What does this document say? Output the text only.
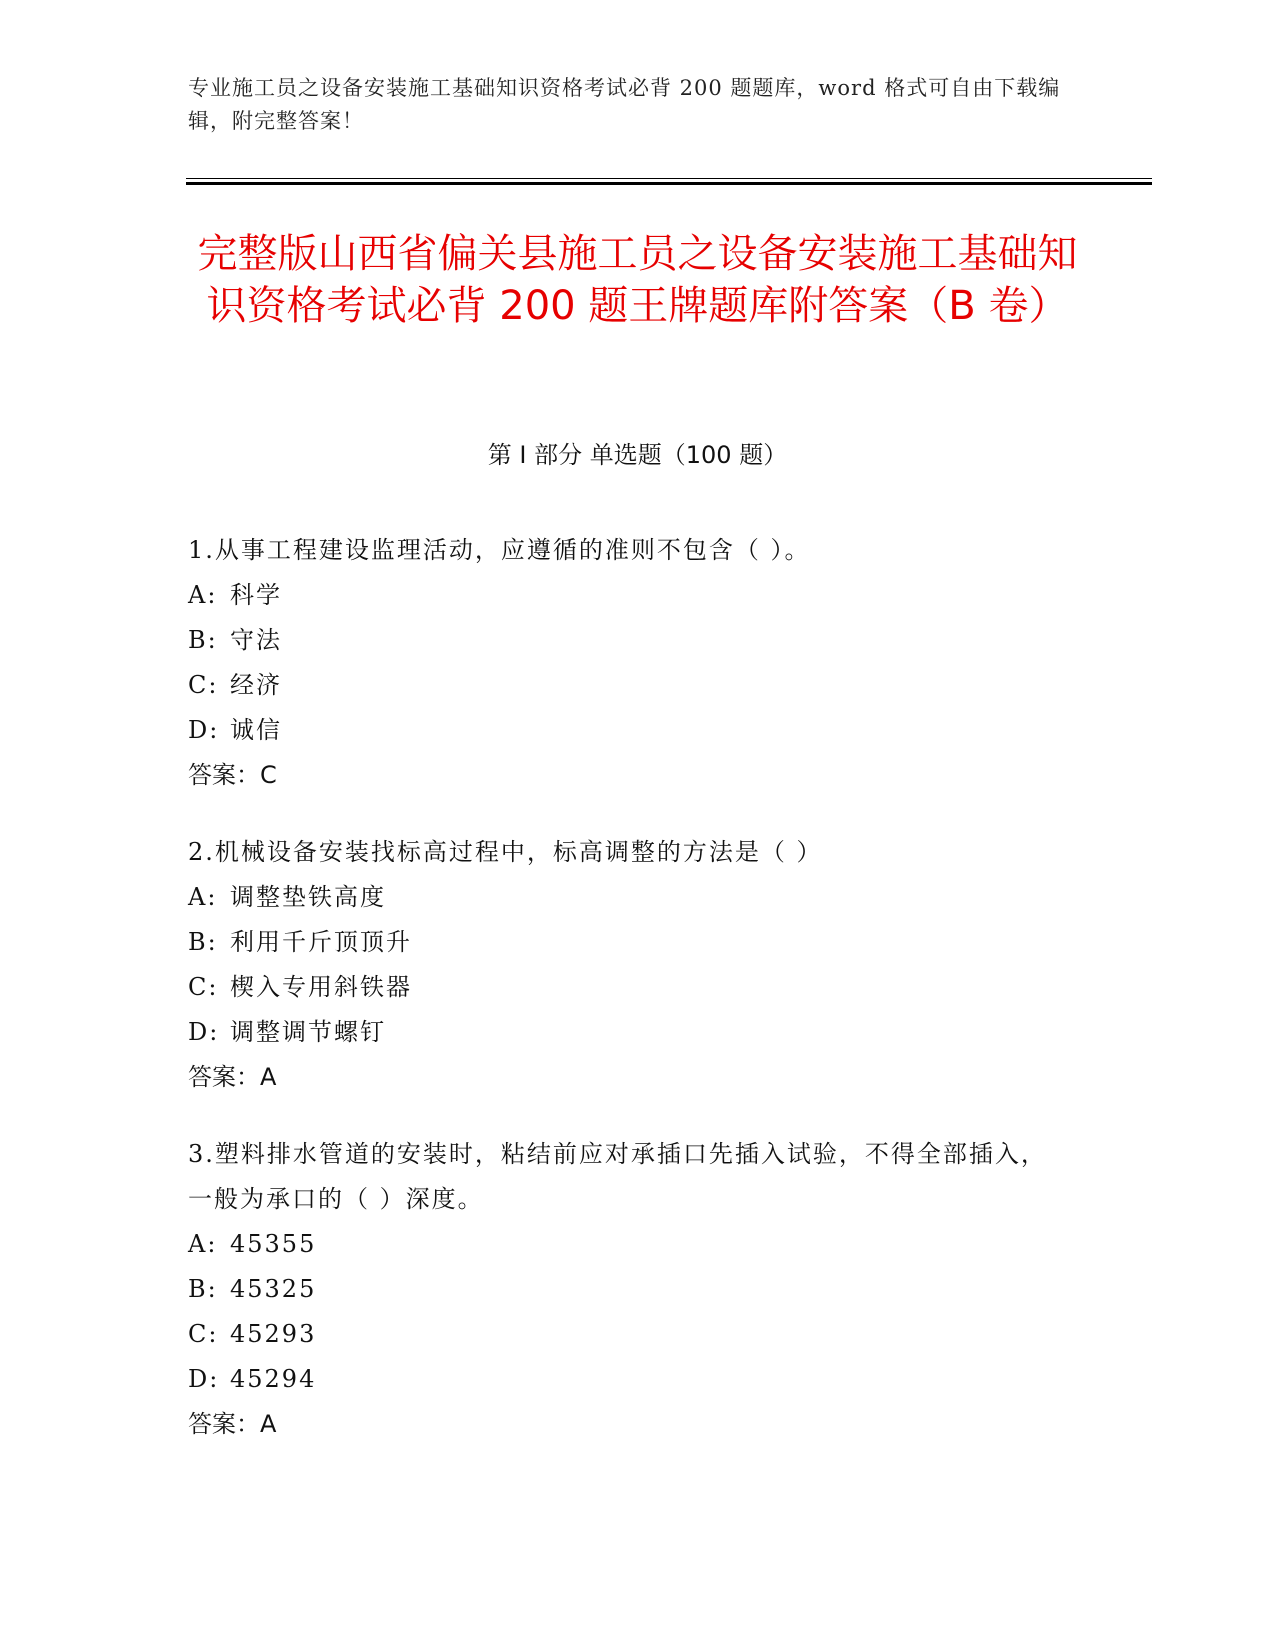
专业施工员之设备安装施工基础知识资格考试必背 200 题题库，word 格式可自由下载编辑，附完整答案！
完整版山西省偏关县施工员之设备安装施工基础知识资格考试必背 200 题王牌题库附答案（B 卷）
第 I 部分 单选题（100 题）

1.从事工程建设监理活动，应遵循的准则不包含（ ）。

A: 科学

B: 守法

C: 经济

D: 诚信

答案：C

2.机械设备安装找标高过程中，标高调整的方法是（ ）

A: 调整垫铁高度

B: 利用千斤顶顶升

C: 楔入专用斜铁器

D: 调整调节螺钉

答案：A

3.塑料排水管道的安装时，粘结前应对承插口先插入试验，不得全部插入，一般为承口的（ ）深度。

A: 45355

B: 45325

C: 45293

D: 45294

答案：A
